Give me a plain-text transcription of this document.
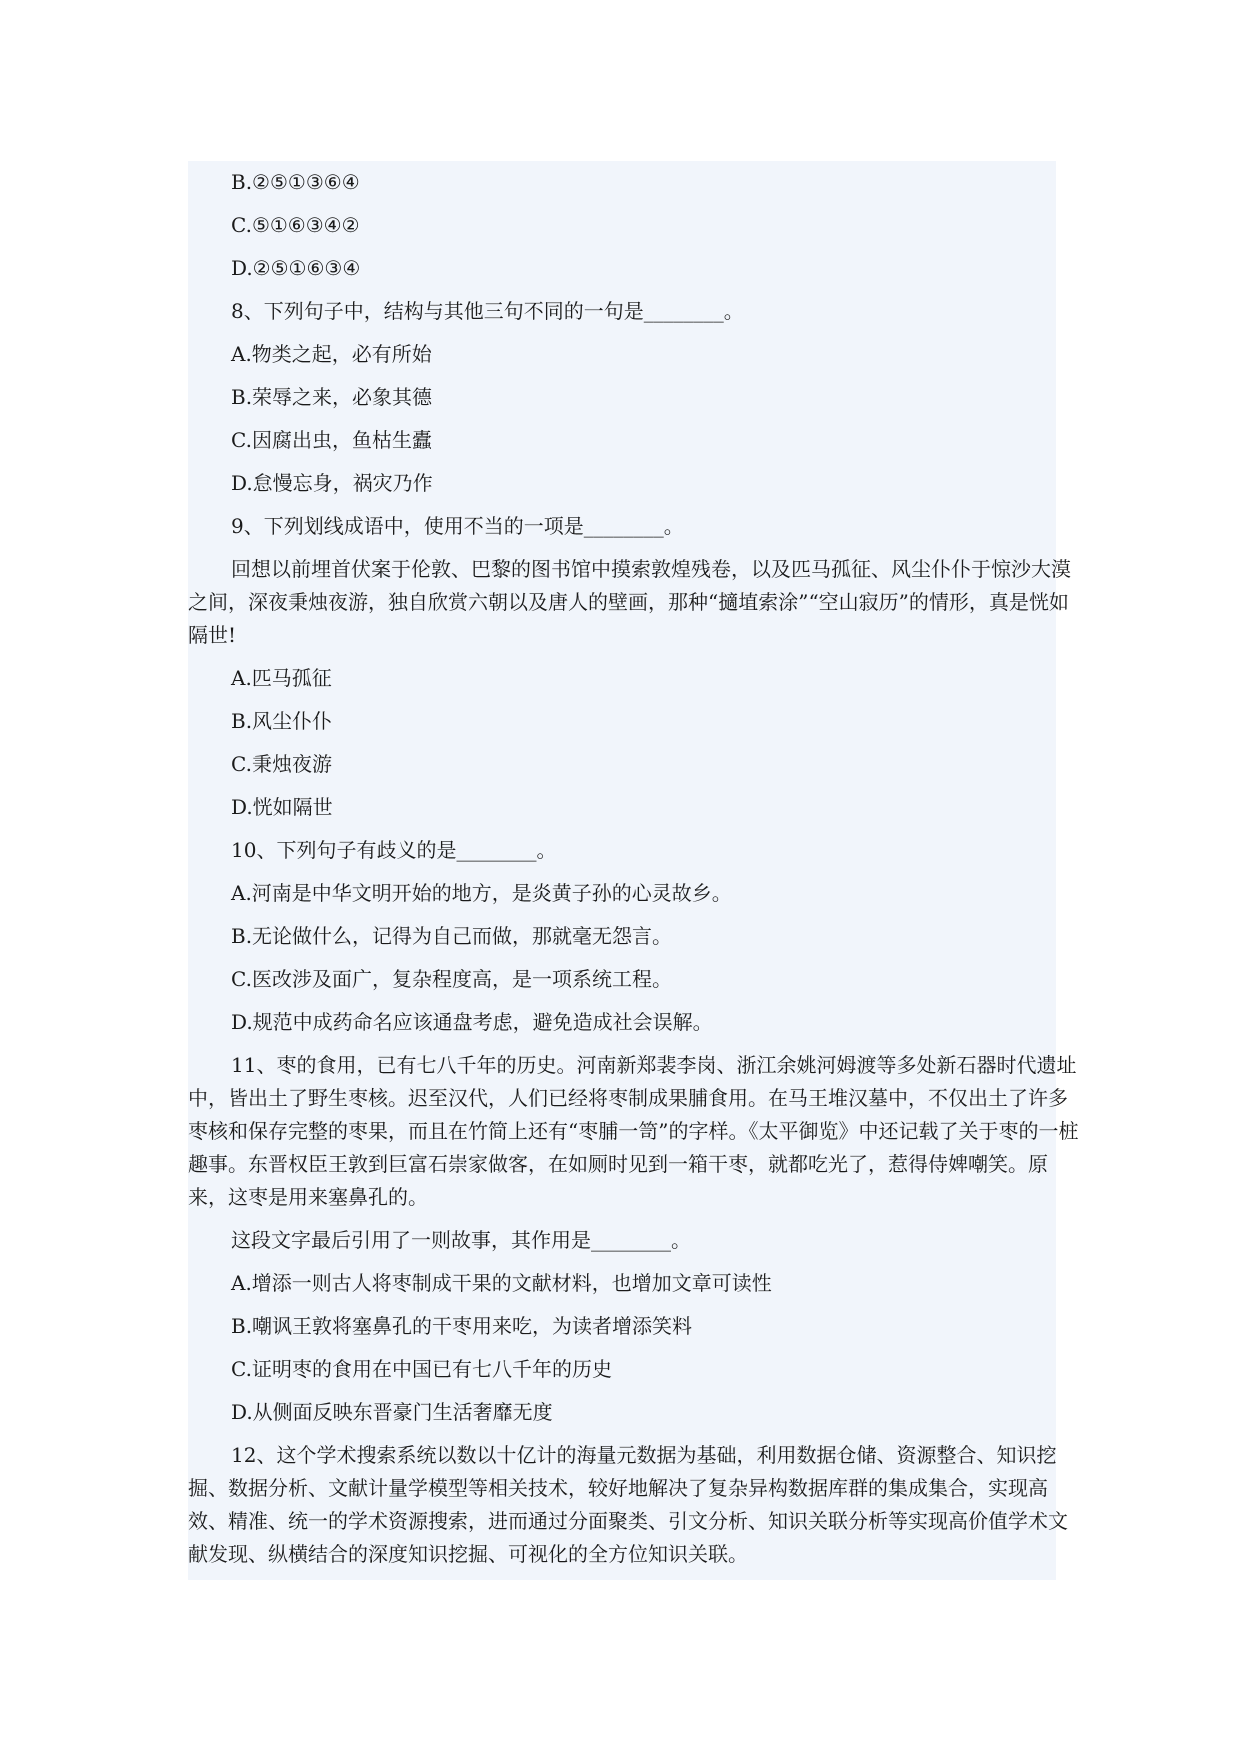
B.②⑤①③⑥④
C.⑤①⑥③④②
D.②⑤①⑥③④
8、下列句子中，结构与其他三句不同的一句是________。
A.物类之起，必有所始
B.荣辱之来，必象其德
C.因腐出虫，鱼枯生蠹
D.怠慢忘身，祸灾乃作
9、下列划线成语中，使用不当的一项是________。
回想以前埋首伏案于伦敦、巴黎的图书馆中摸索敦煌残卷，以及匹马孤征、风尘仆仆于惊沙大漠之间，深夜秉烛夜游，独自欣赏六朝以及唐人的壁画，那种“擿埴索涂”“空山寂历”的情形，真是恍如隔世!
A.匹马孤征
B.风尘仆仆
C.秉烛夜游
D.恍如隔世
10、下列句子有歧义的是________。
A.河南是中华文明开始的地方，是炎黄子孙的心灵故乡。
B.无论做什么，记得为自己而做，那就毫无怨言。
C.医改涉及面广，复杂程度高，是一项系统工程。
D.规范中成药命名应该通盘考虑，避免造成社会误解。
11、枣的食用，已有七八千年的历史。河南新郑裴李岗、浙江余姚河姆渡等多处新石器时代遗址中，皆出土了野生枣核。迟至汉代，人们已经将枣制成果脯食用。在马王堆汉墓中，不仅出土了许多枣核和保存完整的枣果，而且在竹简上还有“枣脯一笥”的字样。《太平御览》中还记载了关于枣的一桩趣事。东晋权臣王敦到巨富石崇家做客，在如厕时见到一箱干枣，就都吃光了，惹得侍婢嘲笑。原来，这枣是用来塞鼻孔的。
这段文字最后引用了一则故事，其作用是________。
A.增添一则古人将枣制成干果的文献材料，也增加文章可读性
B.嘲讽王敦将塞鼻孔的干枣用来吃，为读者增添笑料
C.证明枣的食用在中国已有七八千年的历史
D.从侧面反映东晋豪门生活奢靡无度
12、这个学术搜索系统以数以十亿计的海量元数据为基础，利用数据仓储、资源整合、知识挖掘、数据分析、文献计量学模型等相关技术，较好地解决了复杂异构数据库群的集成集合，实现高效、精准、统一的学术资源搜索，进而通过分面聚类、引文分析、知识关联分析等实现高价值学术文献发现、纵横结合的深度知识挖掘、可视化的全方位知识关联。
